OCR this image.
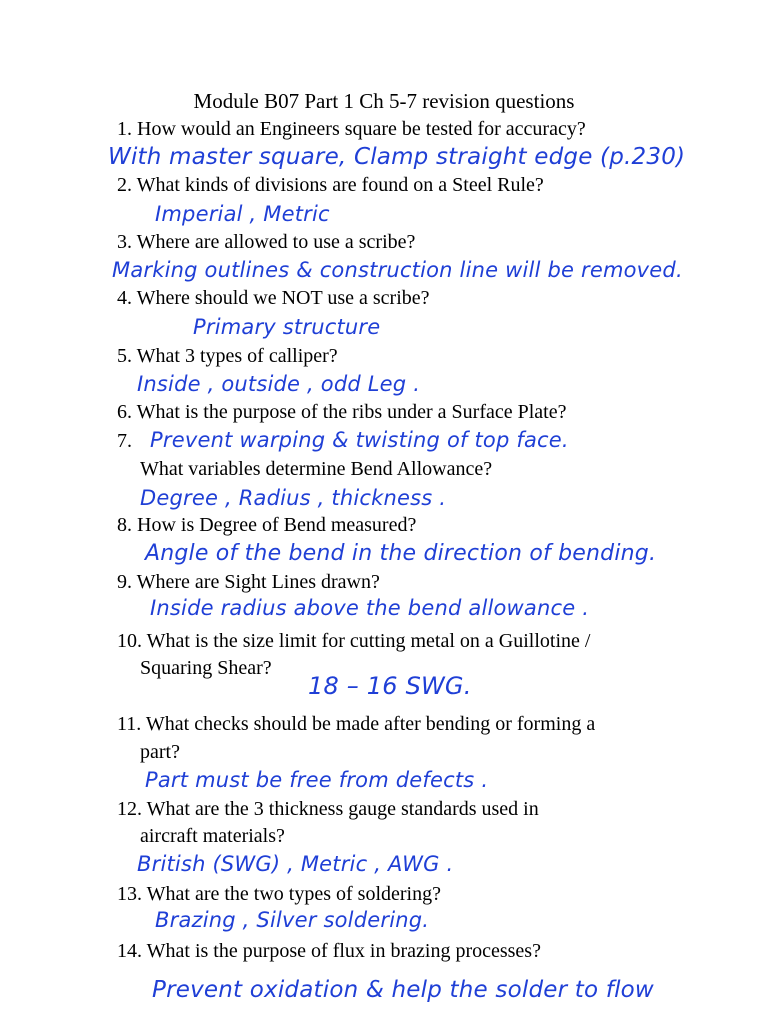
Module B07 Part 1 Ch 5-7 revision questions
1. How would an Engineers square be tested for accuracy?
With master square, Clamp straight edge (p.230)
2. What kinds of divisions are found on a Steel Rule?
Imperial , Metric
3. Where are allowed to use a scribe?
Marking outlines & construction line will be removed.
4. Where should we NOT use a scribe?
Primary structure
5. What 3 types of calliper?
Inside , outside , odd Leg .
6. What is the purpose of the ribs under a Surface Plate?
7. Prevent warping & twisting of top face.
What variables determine Bend Allowance?
Degree , Radius , thickness .
8. How is Degree of Bend measured?
Angle of the bend in the direction of bending.
9. Where are Sight Lines drawn?
Inside radius above the bend allowance .
10. What is the size limit for cutting metal on a Guillotine /
Squaring Shear?
18 – 16 SWG.
11. What checks should be made after bending or forming a
part?
Part must be free from defects .
12. What are the 3 thickness gauge standards used in
aircraft materials?
British (SWG) , Metric , AWG .
13. What are the two types of soldering?
Brazing , Silver soldering.
14. What is the purpose of flux in brazing processes?
Prevent oxidation & help the solder to flow
